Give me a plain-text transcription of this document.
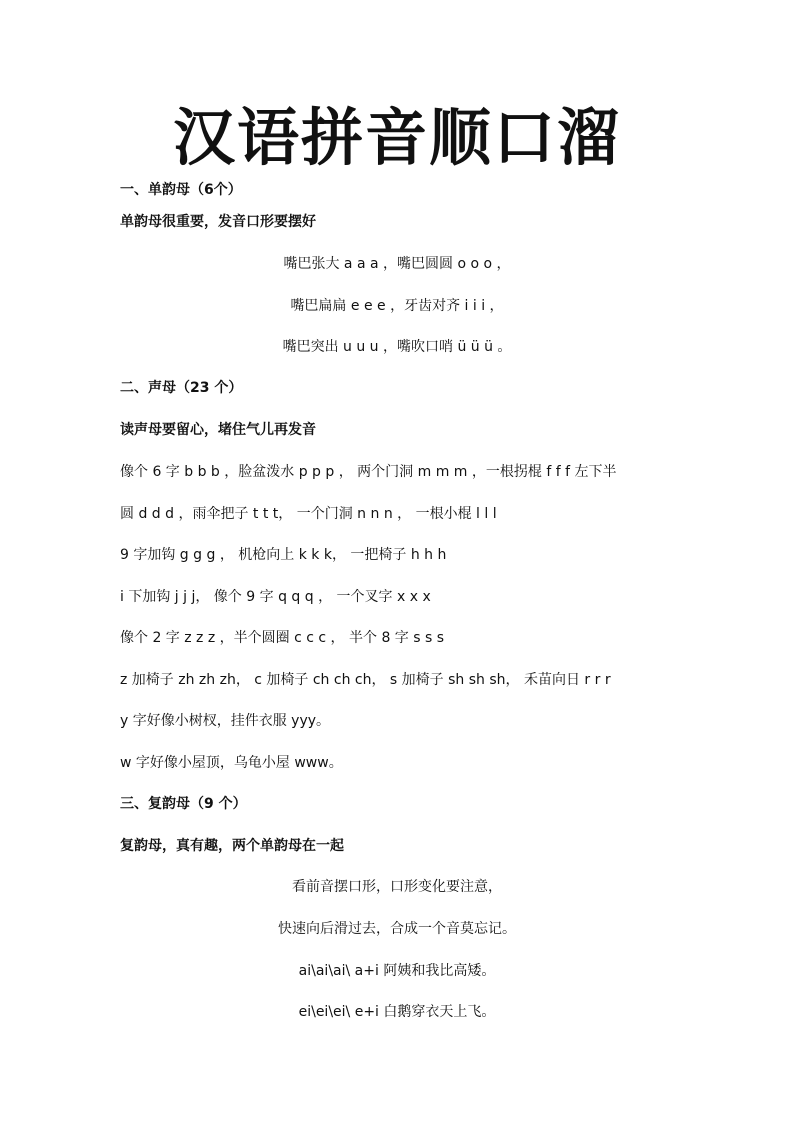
汉语拼音顺口溜
一、单韵母（6个）
单韵母很重要，发音口形要摆好
嘴巴张大 a a a ，嘴巴圆圆 o o o ，
嘴巴扁扁 e e e ，牙齿对齐 i i i ，
嘴巴突出 u u u ，嘴吹口哨 ü ü ü 。
二、声母（23 个）
读声母要留心，堵住气儿再发音
像个 6 字 b b b ，脸盆泼水 p p p ， 两个门洞 m m m ，一根拐棍 f f f 左下半
圆 d d d ，雨伞把子 t t t， 一个门洞 n n n ， 一根小棍 l l l
9 字加钩 g g g ， 机枪向上 k k k， 一把椅子 h h h
i 下加钩 j j j， 像个 9 字 q q q ， 一个叉字 x x x
像个 2 字 z z z ，半个圆圈 c c c ， 半个 8 字 s s s
z 加椅子 zh zh zh， c 加椅子 ch ch ch， s 加椅子 sh sh sh， 禾苗向日 r r r
y 字好像小树杈，挂件衣服 yyy。
w 字好像小屋顶，乌龟小屋 www。
三、复韵母（9 个）
复韵母，真有趣，两个单韵母在一起
看前音摆口形，口形变化要注意，
快速向后滑过去，合成一个音莫忘记。
ai\ai\ai\ a+i 阿姨和我比高矮。
ei\ei\ei\ e+i 白鹅穿衣天上飞。
